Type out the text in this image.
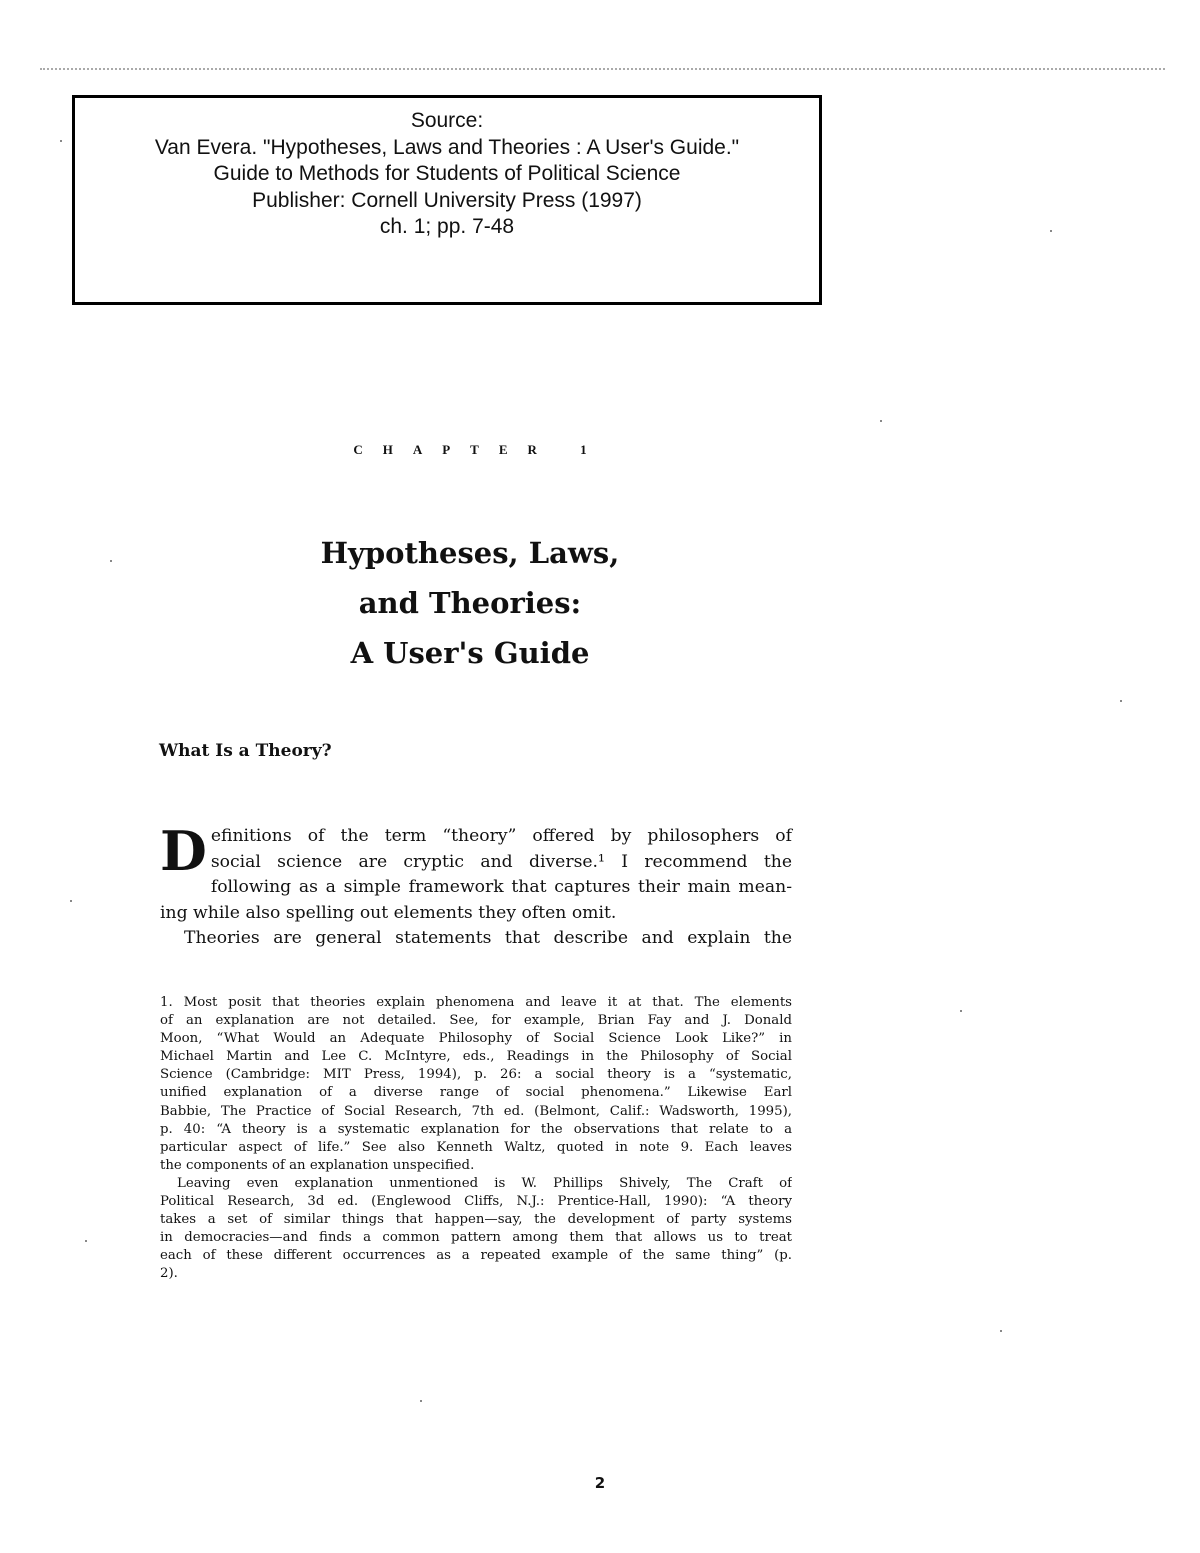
Source:
Van Evera. "Hypotheses, Laws and Theories : A User's Guide."
Guide to Methods for Students of Political Science
Publisher: Cornell University Press (1997)
ch. 1; pp. 7-48
CHAPTER 1
Hypotheses, Laws,
and Theories:
A User's Guide
What Is a Theory?
D efinitions of the term “theory” offered by philosophers of
social science are cryptic and diverse.¹ I recommend the
following as a simple framework that captures their main mean-
ing while also spelling out elements they often omit.
Theories are general statements that describe and explain the
1. Most posit that theories explain phenomena and leave it at that. The elements
of an explanation are not detailed. See, for example, Brian Fay and J. Donald
Moon, “What Would an Adequate Philosophy of Social Science Look Like?” in
Michael Martin and Lee C. McIntyre, eds., Readings in the Philosophy of Social
Science (Cambridge: MIT Press, 1994), p. 26: a social theory is a “systematic,
unified explanation of a diverse range of social phenomena.” Likewise Earl
Babbie, The Practice of Social Research, 7th ed. (Belmont, Calif.: Wadsworth, 1995),
p. 40: “A theory is a systematic explanation for the observations that relate to a
particular aspect of life.” See also Kenneth Waltz, quoted in note 9. Each leaves
the components of an explanation unspecified.
Leaving even explanation unmentioned is W. Phillips Shively, The Craft of
Political Research, 3d ed. (Englewood Cliffs, N.J.: Prentice-Hall, 1990): “A theory
takes a set of similar things that happen—say, the development of party systems
in democracies—and finds a common pattern among them that allows us to treat
each of these different occurrences as a repeated example of the same thing” (p.
2).
2
